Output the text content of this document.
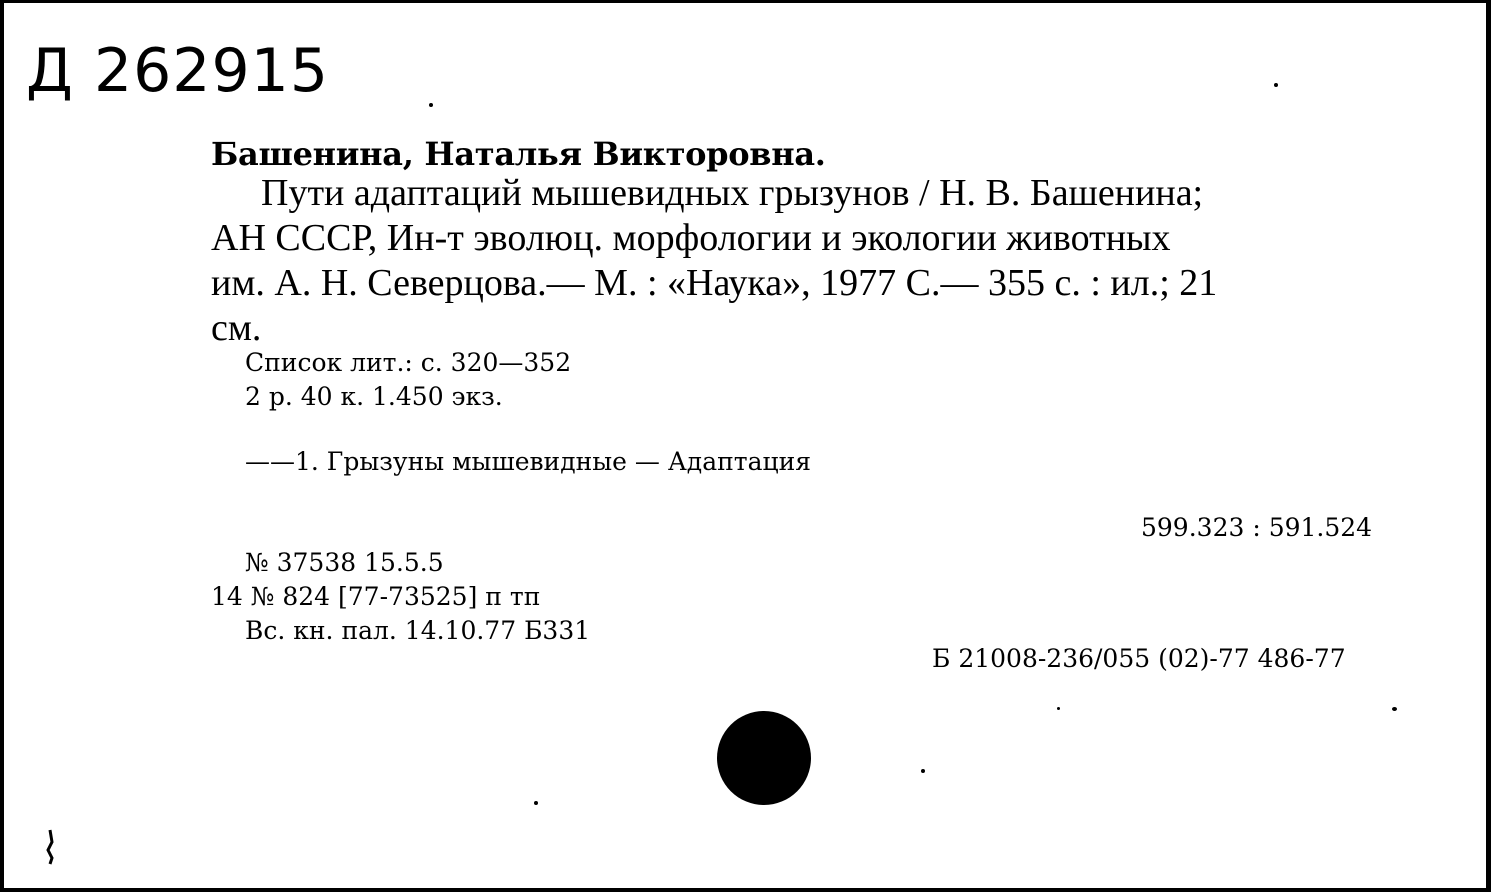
Д 262915
Башенина, Наталья Викторовна.
Пути адаптаций мышевидных грызунов / Н. В. Башенина;
АН СССР, Ин-т эволюц. морфологии и экологии животных
им. А. Н. Северцова.— М. : «Наука», 1977 С.— 355 с. : ил.; 21
см.
Список лит.: с. 320—352
2 р. 40 к. 1.450 экз.
——1. Грызуны мышевидные — Адаптация
599.323 : 591.524
№ 37538 15.5.5
14 № 824 [77-73525] п тп
Вс. кн. пал. 14.10.77 Б331
Б 21008-236/055 (02)-77 486-77
